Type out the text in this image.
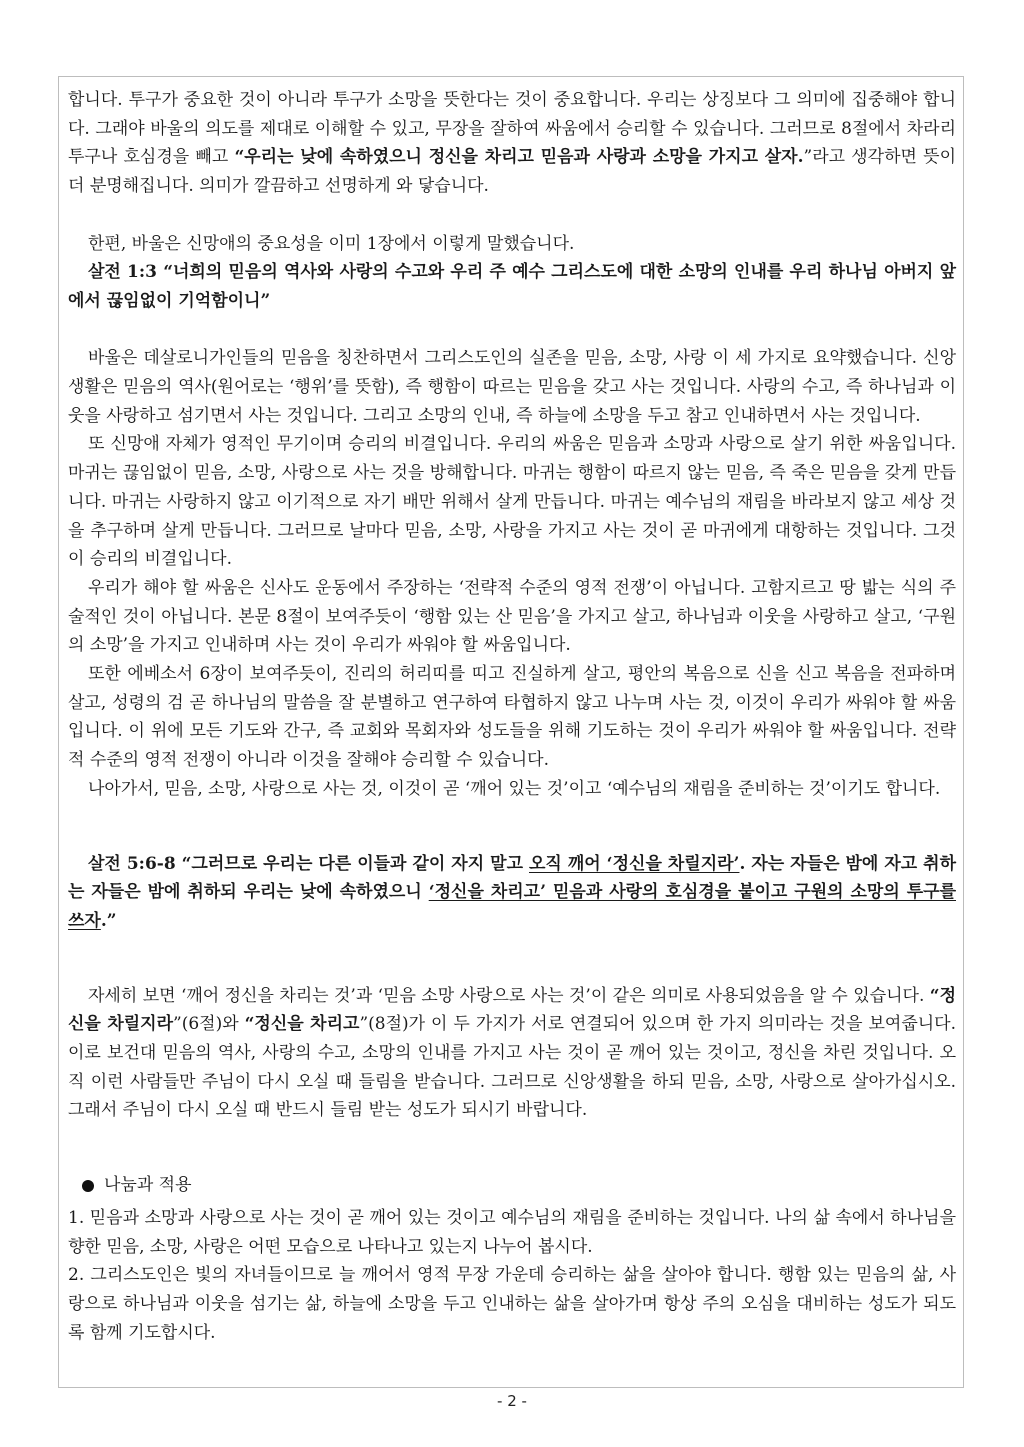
합니다. 투구가 중요한 것이 아니라 투구가 소망을 뜻한다는 것이 중요합니다. 우리는 상징보다 그 의미에 집중해야 합니다. 그래야 바울의 의도를 제대로 이해할 수 있고, 무장을 잘하여 싸움에서 승리할 수 있습니다. 그러므로 8절에서 차라리 투구나 호심경을 빼고 “우리는 낮에 속하였으니 정신을 차리고 믿음과 사랑과 소망을 가지고 살자.”라고 생각하면 뜻이 더 분명해집니다. 의미가 깔끔하고 선명하게 와 닿습니다.

한편, 바울은 신망애의 중요성을 이미 1장에서 이렇게 말했습니다.

살전 1:3 “너희의 믿음의 역사와 사랑의 수고와 우리 주 예수 그리스도에 대한 소망의 인내를 우리 하나님 아버지 앞에서 끊임없이 기억함이니”

바울은 데살로니가인들의 믿음을 칭찬하면서 그리스도인의 실존을 믿음, 소망, 사랑 이 세 가지로 요약했습니다. 신앙생활은 믿음의 역사(원어로는 ‘행위’를 뜻함), 즉 행함이 따르는 믿음을 갖고 사는 것입니다. 사랑의 수고, 즉 하나님과 이웃을 사랑하고 섬기면서 사는 것입니다. 그리고 소망의 인내, 즉 하늘에 소망을 두고 참고 인내하면서 사는 것입니다.

또 신망애 자체가 영적인 무기이며 승리의 비결입니다. 우리의 싸움은 믿음과 소망과 사랑으로 살기 위한 싸움입니다. 마귀는 끊임없이 믿음, 소망, 사랑으로 사는 것을 방해합니다. 마귀는 행함이 따르지 않는 믿음, 즉 죽은 믿음을 갖게 만듭니다. 마귀는 사랑하지 않고 이기적으로 자기 배만 위해서 살게 만듭니다. 마귀는 예수님의 재림을 바라보지 않고 세상 것을 추구하며 살게 만듭니다. 그러므로 날마다 믿음, 소망, 사랑을 가지고 사는 것이 곧 마귀에게 대항하는 것입니다. 그것이 승리의 비결입니다.

우리가 해야 할 싸움은 신사도 운동에서 주장하는 ‘전략적 수준의 영적 전쟁’이 아닙니다. 고함지르고 땅 밟는 식의 주술적인 것이 아닙니다. 본문 8절이 보여주듯이 ‘행함 있는 산 믿음’을 가지고 살고, 하나님과 이웃을 사랑하고 살고, ‘구원의 소망’을 가지고 인내하며 사는 것이 우리가 싸워야 할 싸움입니다.

또한 에베소서 6장이 보여주듯이, 진리의 허리띠를 띠고 진실하게 살고, 평안의 복음으로 신을 신고 복음을 전파하며 살고, 성령의 검 곧 하나님의 말씀을 잘 분별하고 연구하여 타협하지 않고 나누며 사는 것, 이것이 우리가 싸워야 할 싸움입니다. 이 위에 모든 기도와 간구, 즉 교회와 목회자와 성도들을 위해 기도하는 것이 우리가 싸워야 할 싸움입니다. 전략적 수준의 영적 전쟁이 아니라 이것을 잘해야 승리할 수 있습니다.

나아가서, 믿음, 소망, 사랑으로 사는 것, 이것이 곧 ‘깨어 있는 것’이고 ‘예수님의 재림을 준비하는 것’이기도 합니다.

살전 5:6-8 “그러므로 우리는 다른 이들과 같이 자지 말고 오직 깨어 ‘정신을 차릴지라’. 자는 자들은 밤에 자고 취하는 자들은 밤에 취하되 우리는 낮에 속하였으니 ‘정신을 차리고’ 믿음과 사랑의 호심경을 붙이고 구원의 소망의 투구를 쓰자.”

자세히 보면 ‘깨어 정신을 차리는 것’과 ‘믿음 소망 사랑으로 사는 것’이 같은 의미로 사용되었음을 알 수 있습니다. “정신을 차릴지라”(6절)와 “정신을 차리고”(8절)가 이 두 가지가 서로 연결되어 있으며 한 가지 의미라는 것을 보여줍니다. 이로 보건대 믿음의 역사, 사랑의 수고, 소망의 인내를 가지고 사는 것이 곧 깨어 있는 것이고, 정신을 차린 것입니다. 오직 이런 사람들만 주님이 다시 오실 때 들림을 받습니다. 그러므로 신앙생활을 하되 믿음, 소망, 사랑으로 살아가십시오. 그래서 주님이 다시 오실 때 반드시 들림 받는 성도가 되시기 바랍니다.

나눔과 적용

1. 믿음과 소망과 사랑으로 사는 것이 곧 깨어 있는 것이고 예수님의 재림을 준비하는 것입니다. 나의 삶 속에서 하나님을 향한 믿음, 소망, 사랑은 어떤 모습으로 나타나고 있는지 나누어 봅시다.

2. 그리스도인은 빛의 자녀들이므로 늘 깨어서 영적 무장 가운데 승리하는 삶을 살아야 합니다. 행함 있는 믿음의 삶, 사랑으로 하나님과 이웃을 섬기는 삶, 하늘에 소망을 두고 인내하는 삶을 살아가며 항상 주의 오심을 대비하는 성도가 되도록 함께 기도합시다.

- 2 -
